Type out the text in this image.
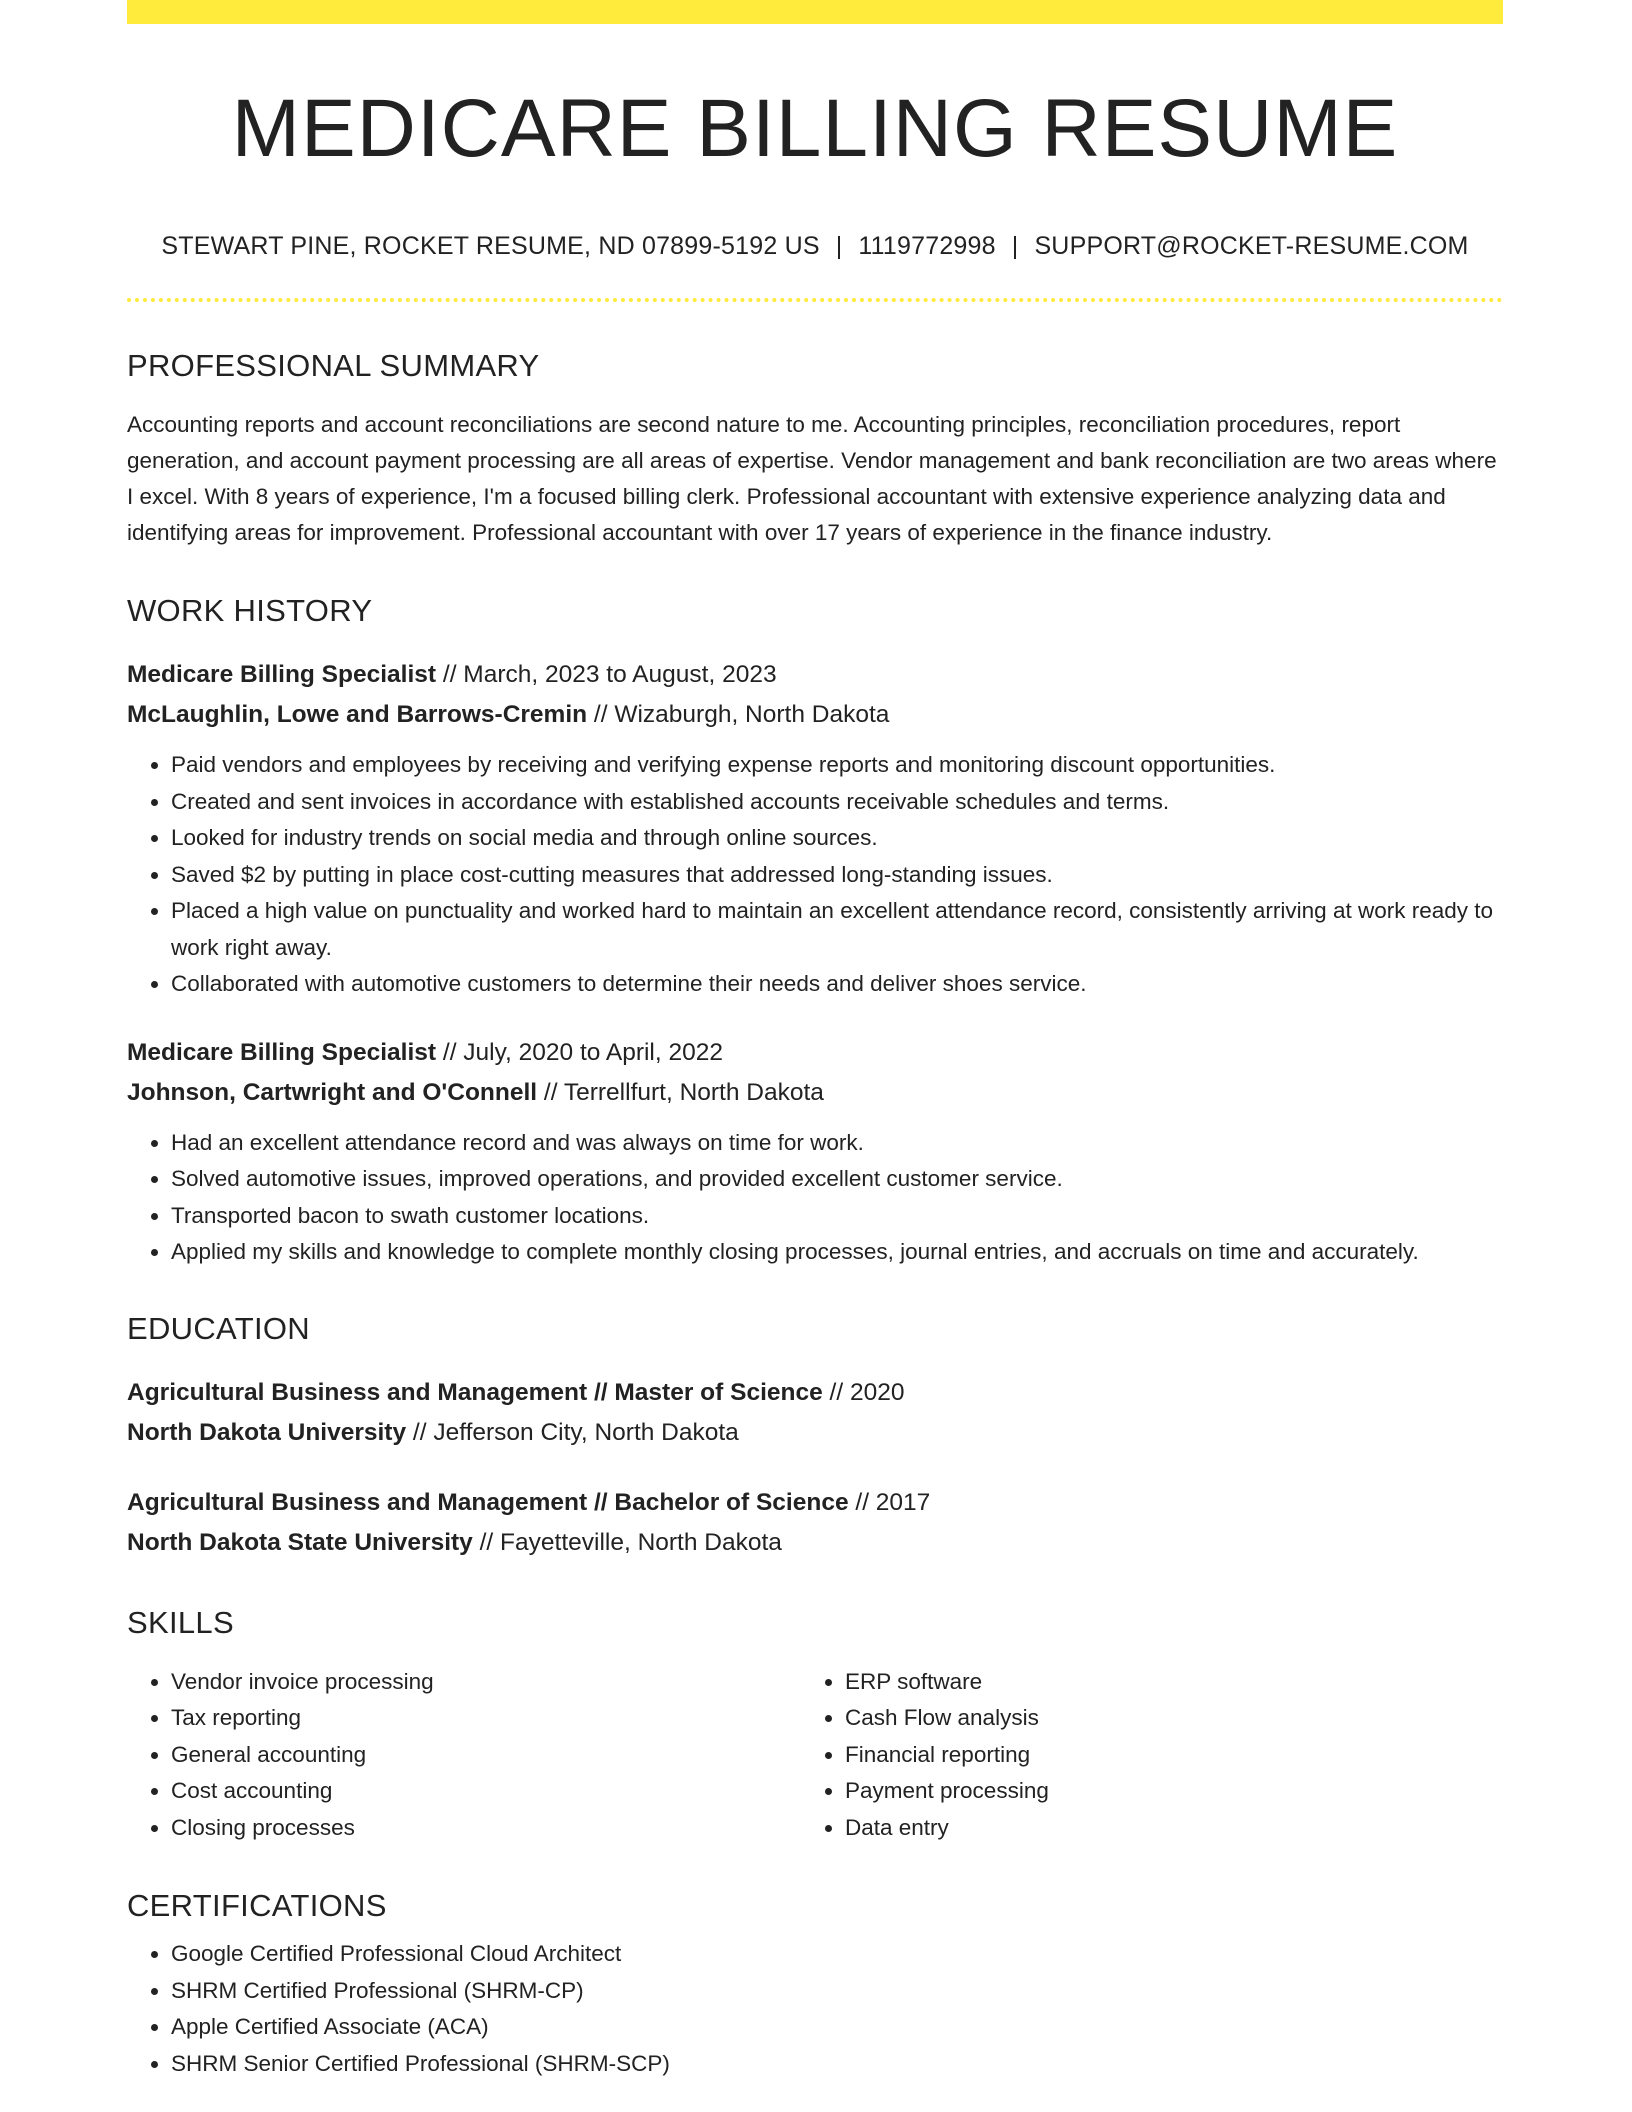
MEDICARE BILLING RESUME
STEWART PINE, ROCKET RESUME, ND 07899-5192 US | 1119772998 | SUPPORT@ROCKET-RESUME.COM
PROFESSIONAL SUMMARY

Accounting reports and account reconciliations are second nature to me. Accounting principles, reconciliation procedures, report generation, and account payment processing are all areas of expertise. Vendor management and bank reconciliation are two areas where I excel. With 8 years of experience, I'm a focused billing clerk. Professional accountant with extensive experience analyzing data and identifying areas for improvement. Professional accountant with over 17 years of experience in the finance industry.

WORK HISTORY
Medicare Billing Specialist // March, 2023 to August, 2023
McLaughlin, Lowe and Barrows-Cremin // Wizaburgh, North Dakota
• Paid vendors and employees by receiving and verifying expense reports and monitoring discount opportunities.
• Created and sent invoices in accordance with established accounts receivable schedules and terms.
• Looked for industry trends on social media and through online sources.
• Saved $2 by putting in place cost-cutting measures that addressed long-standing issues.
• Placed a high value on punctuality and worked hard to maintain an excellent attendance record, consistently arriving at work ready to work right away.
• Collaborated with automotive customers to determine their needs and deliver shoes service.
Medicare Billing Specialist // July, 2020 to April, 2022
Johnson, Cartwright and O'Connell // Terrellfurt, North Dakota
• Had an excellent attendance record and was always on time for work.
• Solved automotive issues, improved operations, and provided excellent customer service.
• Transported bacon to swath customer locations.
• Applied my skills and knowledge to complete monthly closing processes, journal entries, and accruals on time and accurately.
EDUCATION
Agricultural Business and Management // Master of Science // 2020
North Dakota University // Jefferson City, North Dakota
Agricultural Business and Management // Bachelor of Science // 2017
North Dakota State University // Fayetteville, North Dakota
SKILLS
• Vendor invoice processing
• Tax reporting
• General accounting
• Cost accounting
• Closing processes
• ERP software
• Cash Flow analysis
• Financial reporting
• Payment processing
• Data entry
CERTIFICATIONS
• Google Certified Professional Cloud Architect
• SHRM Certified Professional (SHRM-CP)
• Apple Certified Associate (ACA)
• SHRM Senior Certified Professional (SHRM-SCP)
